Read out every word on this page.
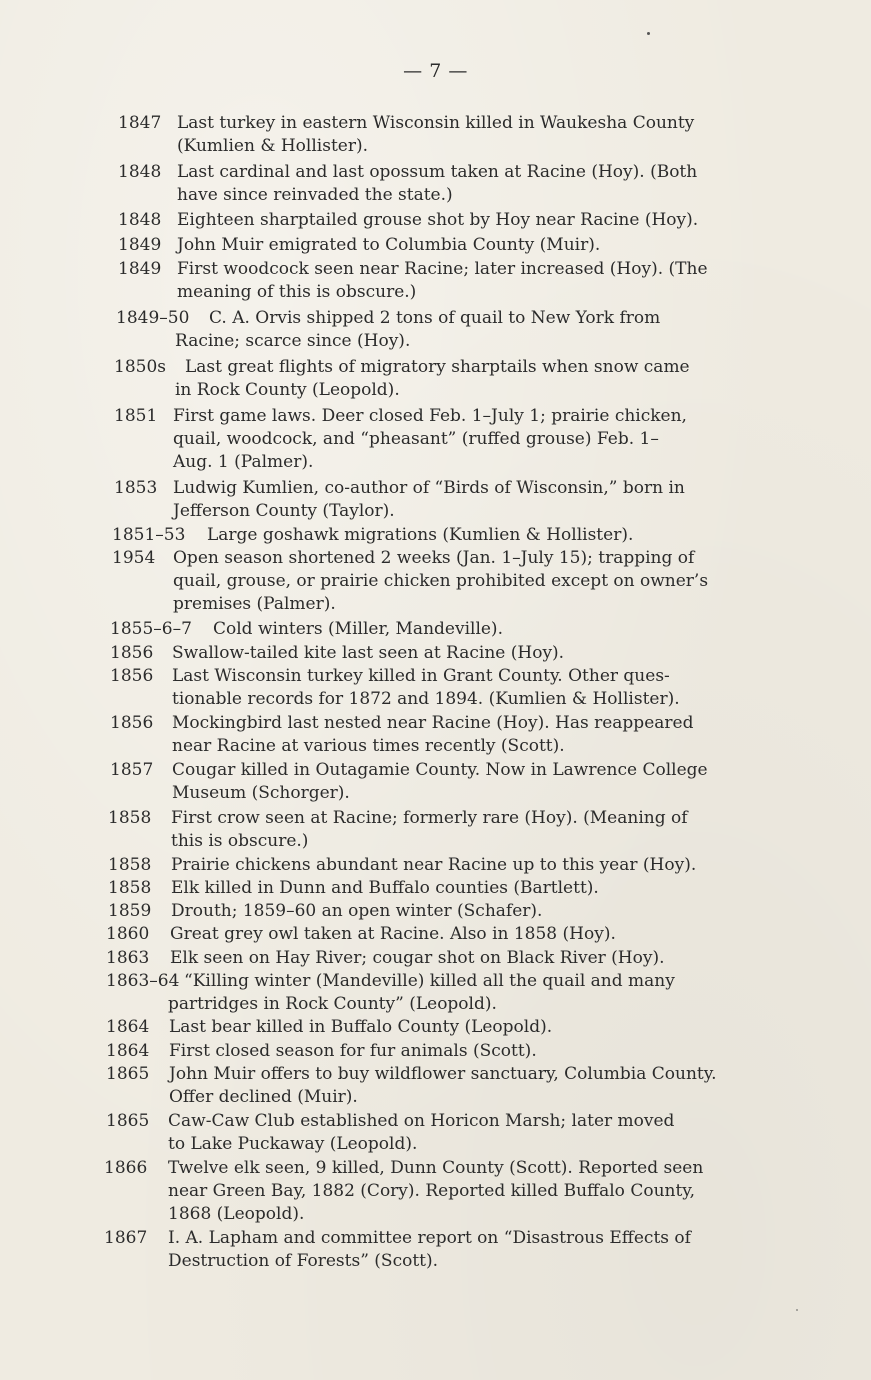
— 7 —
1847 Last turkey in eastern Wisconsin killed in Waukesha County
(Kumlien & Hollister).
1848 Last cardinal and last opossum taken at Racine (Hoy). (Both
have since reinvaded the state.)
1848 Eighteen sharptailed grouse shot by Hoy near Racine (Hoy).
1849 John Muir emigrated to Columbia County (Muir).
1849 First woodcock seen near Racine; later increased (Hoy). (The
meaning of this is obscure.)
1849–50 C. A. Orvis shipped 2 tons of quail to New York from
Racine; scarce since (Hoy).
1850s Last great flights of migratory sharptails when snow came
in Rock County (Leopold).
1851 First game laws. Deer closed Feb. 1–July 1; prairie chicken,
quail, woodcock, and “pheasant” (ruffed grouse) Feb. 1–
Aug. 1 (Palmer).
1853 Ludwig Kumlien, co-author of “Birds of Wisconsin,” born in
Jefferson County (Taylor).
1851–53 Large goshawk migrations (Kumlien & Hollister).
1954 Open season shortened 2 weeks (Jan. 1–July 15); trapping of
quail, grouse, or prairie chicken prohibited except on owner’s
premises (Palmer).
1855–6–7 Cold winters (Miller, Mandeville).
1856 Swallow-tailed kite last seen at Racine (Hoy).
1856 Last Wisconsin turkey killed in Grant County. Other ques-
tionable records for 1872 and 1894. (Kumlien & Hollister).
1856 Mockingbird last nested near Racine (Hoy). Has reappeared
near Racine at various times recently (Scott).
1857 Cougar killed in Outagamie County. Now in Lawrence College
Museum (Schorger).
1858 First crow seen at Racine; formerly rare (Hoy). (Meaning of
this is obscure.)
1858 Prairie chickens abundant near Racine up to this year (Hoy).
1858 Elk killed in Dunn and Buffalo counties (Bartlett).
1859 Drouth; 1859–60 an open winter (Schafer).
1860 Great grey owl taken at Racine. Also in 1858 (Hoy).
1863 Elk seen on Hay River; cougar shot on Black River (Hoy).
1863–64 “Killing winter (Mandeville) killed all the quail and many
partridges in Rock County” (Leopold).
1864 Last bear killed in Buffalo County (Leopold).
1864 First closed season for fur animals (Scott).
1865 John Muir offers to buy wildflower sanctuary, Columbia County.
Offer declined (Muir).
1865 Caw-Caw Club established on Horicon Marsh; later moved
to Lake Puckaway (Leopold).
1866 Twelve elk seen, 9 killed, Dunn County (Scott). Reported seen
near Green Bay, 1882 (Cory). Reported killed Buffalo County,
1868 (Leopold).
1867 I. A. Lapham and committee report on “Disastrous Effects of
Destruction of Forests” (Scott).
